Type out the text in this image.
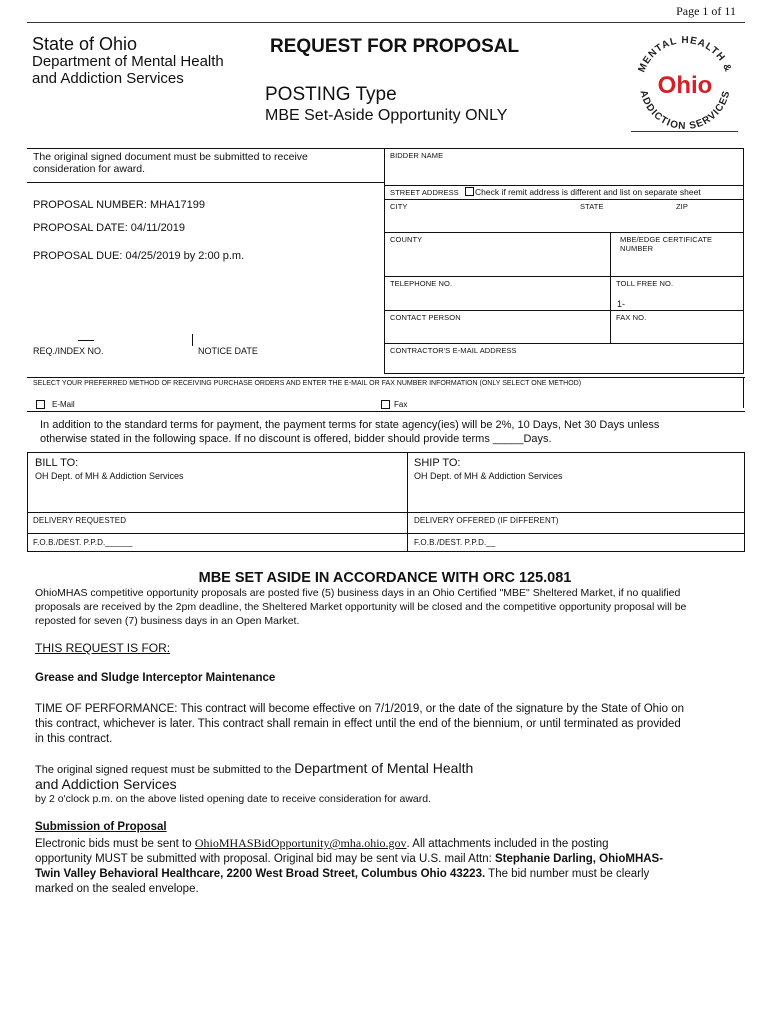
Page 1 of 11
State of Ohio
Department of Mental Health
and Addiction Services
REQUEST FOR PROPOSAL
POSTING Type
MBE Set-Aside Opportunity ONLY
MENTAL HEALTH &
ADDICTION SERVICES
Ohio
The original signed document must be submitted to receive consideration for award.
PROPOSAL NUMBER: MHA17199
PROPOSAL DATE: 04/11/2019
PROPOSAL DUE: 04/25/2019 by 2:00 p.m.
REQ./INDEX NO.	NOTICE DATE
BIDDER NAME
STREET ADDRESS Check if remit address is different and list on separate sheet
CITY	STATE	ZIP
COUNTY	MBE/EDGE CERTIFICATE NUMBER
TELEPHONE NO.	TOLL FREE NO.
1-
CONTACT PERSON	FAX NO.
CONTRACTOR'S E-MAIL ADDRESS
SELECT YOUR PREFERRED METHOD OF RECEIVING PURCHASE ORDERS AND ENTER THE E-MAIL OR FAX NUMBER INFORMATION (ONLY SELECT ONE METHOD)
E-Mail	Fax
In addition to the standard terms for payment, the payment terms for state agency(ies) will be 2%, 10 Days, Net 30 Days unless
otherwise stated in the following space. If no discount is offered, bidder should provide terms _____Days.
BILL TO:
OH Dept. of MH & Addiction Services
SHIP TO:
OH Dept. of MH & Addiction Services
DELIVERY REQUESTED	DELIVERY OFFERED (IF DIFFERENT)
F.O.B./DEST. P.P.D.______	F.O.B./DEST. P.P.D.__
MBE SET ASIDE IN ACCORDANCE WITH ORC 125.081
OhioMHAS competitive opportunity proposals are posted five (5) business days in an Ohio Certified "MBE" Sheltered Market, if no qualified
proposals are received by the 2pm deadline, the Sheltered Market opportunity will be closed and the competitive opportunity proposal will be
reposted for seven (7) business days in an Open Market.
THIS REQUEST IS FOR:
Grease and Sludge Interceptor Maintenance
TIME OF PERFORMANCE: This contract will become effective on 7/1/2019, or the date of the signature by the State of Ohio on
this contract, whichever is later. This contract shall remain in effect until the end of the biennium, or until terminated as provided
in this contract.
The original signed request must be submitted to the Department of Mental Health
and Addiction Services
by 2 o'clock p.m. on the above listed opening date to receive consideration for award.
Submission of Proposal
Electronic bids must be sent to OhioMHASBidOpportunity@mha.ohio.gov. All attachments included in the posting
opportunity MUST be submitted with proposal. Original bid may be sent via U.S. mail Attn: Stephanie Darling, OhioMHAS-
Twin Valley Behavioral Healthcare, 2200 West Broad Street, Columbus Ohio 43223. The bid number must be clearly
marked on the sealed envelope.
